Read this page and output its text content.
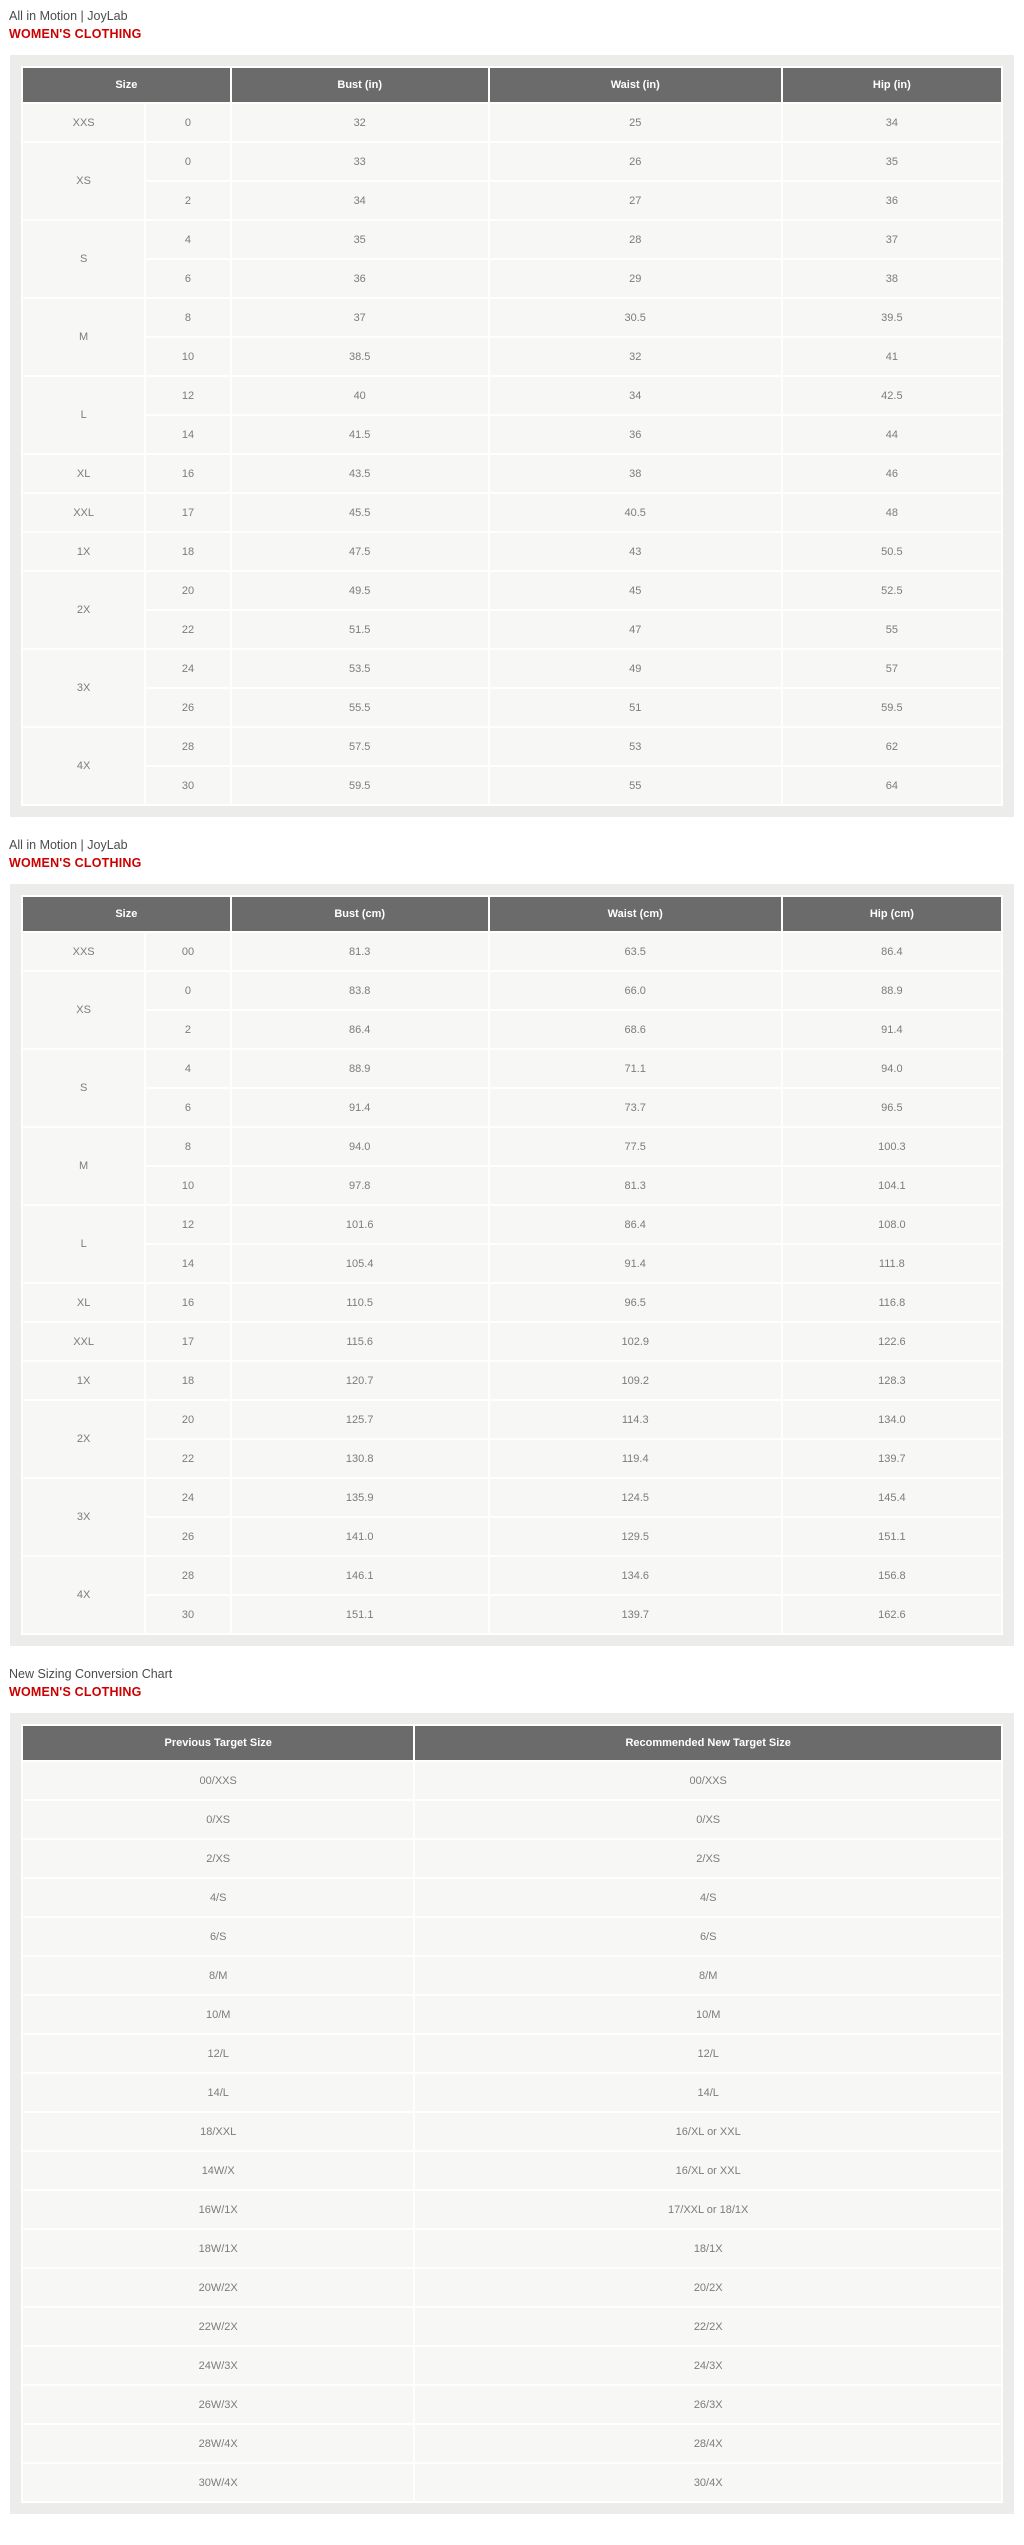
All in Motion | JoyLab
WOMEN'S CLOTHING
Size		Bust (in)	Waist (in)	Hip (in)
XXS	0	32	25	34
XS	0	33	26	35
	2	34	27	36
S	4	35	28	37
	6	36	29	38
M	8	37	30.5	39.5
	10	38.5	32	41
L	12	40	34	42.5
	14	41.5	36	44
XL	16	43.5	38	46
XXL	17	45.5	40.5	48
1X	18	47.5	43	50.5
2X	20	49.5	45	52.5
	22	51.5	47	55
3X	24	53.5	49	57
	26	55.5	51	59.5
4X	28	57.5	53	62
	30	59.5	55	64
All in Motion | JoyLab
WOMEN'S CLOTHING
Size		Bust (cm)	Waist (cm)	Hip (cm)
XXS	00	81.3	63.5	86.4
XS	0	83.8	66.0	88.9
	2	86.4	68.6	91.4
S	4	88.9	71.1	94.0
	6	91.4	73.7	96.5
M	8	94.0	77.5	100.3
	10	97.8	81.3	104.1
L	12	101.6	86.4	108.0
	14	105.4	91.4	111.8
XL	16	110.5	96.5	116.8
XXL	17	115.6	102.9	122.6
1X	18	120.7	109.2	128.3
2X	20	125.7	114.3	134.0
	22	130.8	119.4	139.7
3X	24	135.9	124.5	145.4
	26	141.0	129.5	151.1
4X	28	146.1	134.6	156.8
	30	151.1	139.7	162.6
New Sizing Conversion Chart
WOMEN'S CLOTHING
Previous Target Size	Recommended New Target Size
00/XXS	00/XXS
0/XS	0/XS
2/XS	2/XS
4/S	4/S
6/S	6/S
8/M	8/M
10/M	10/M
12/L	12/L
14/L	14/L
18/XXL	16/XL or XXL
14W/X	16/XL or XXL
16W/1X	17/XXL or 18/1X
18W/1X	18/1X
20W/2X	20/2X
22W/2X	22/2X
24W/3X	24/3X
26W/3X	26/3X
28W/4X	28/4X
30W/4X	30/4X
